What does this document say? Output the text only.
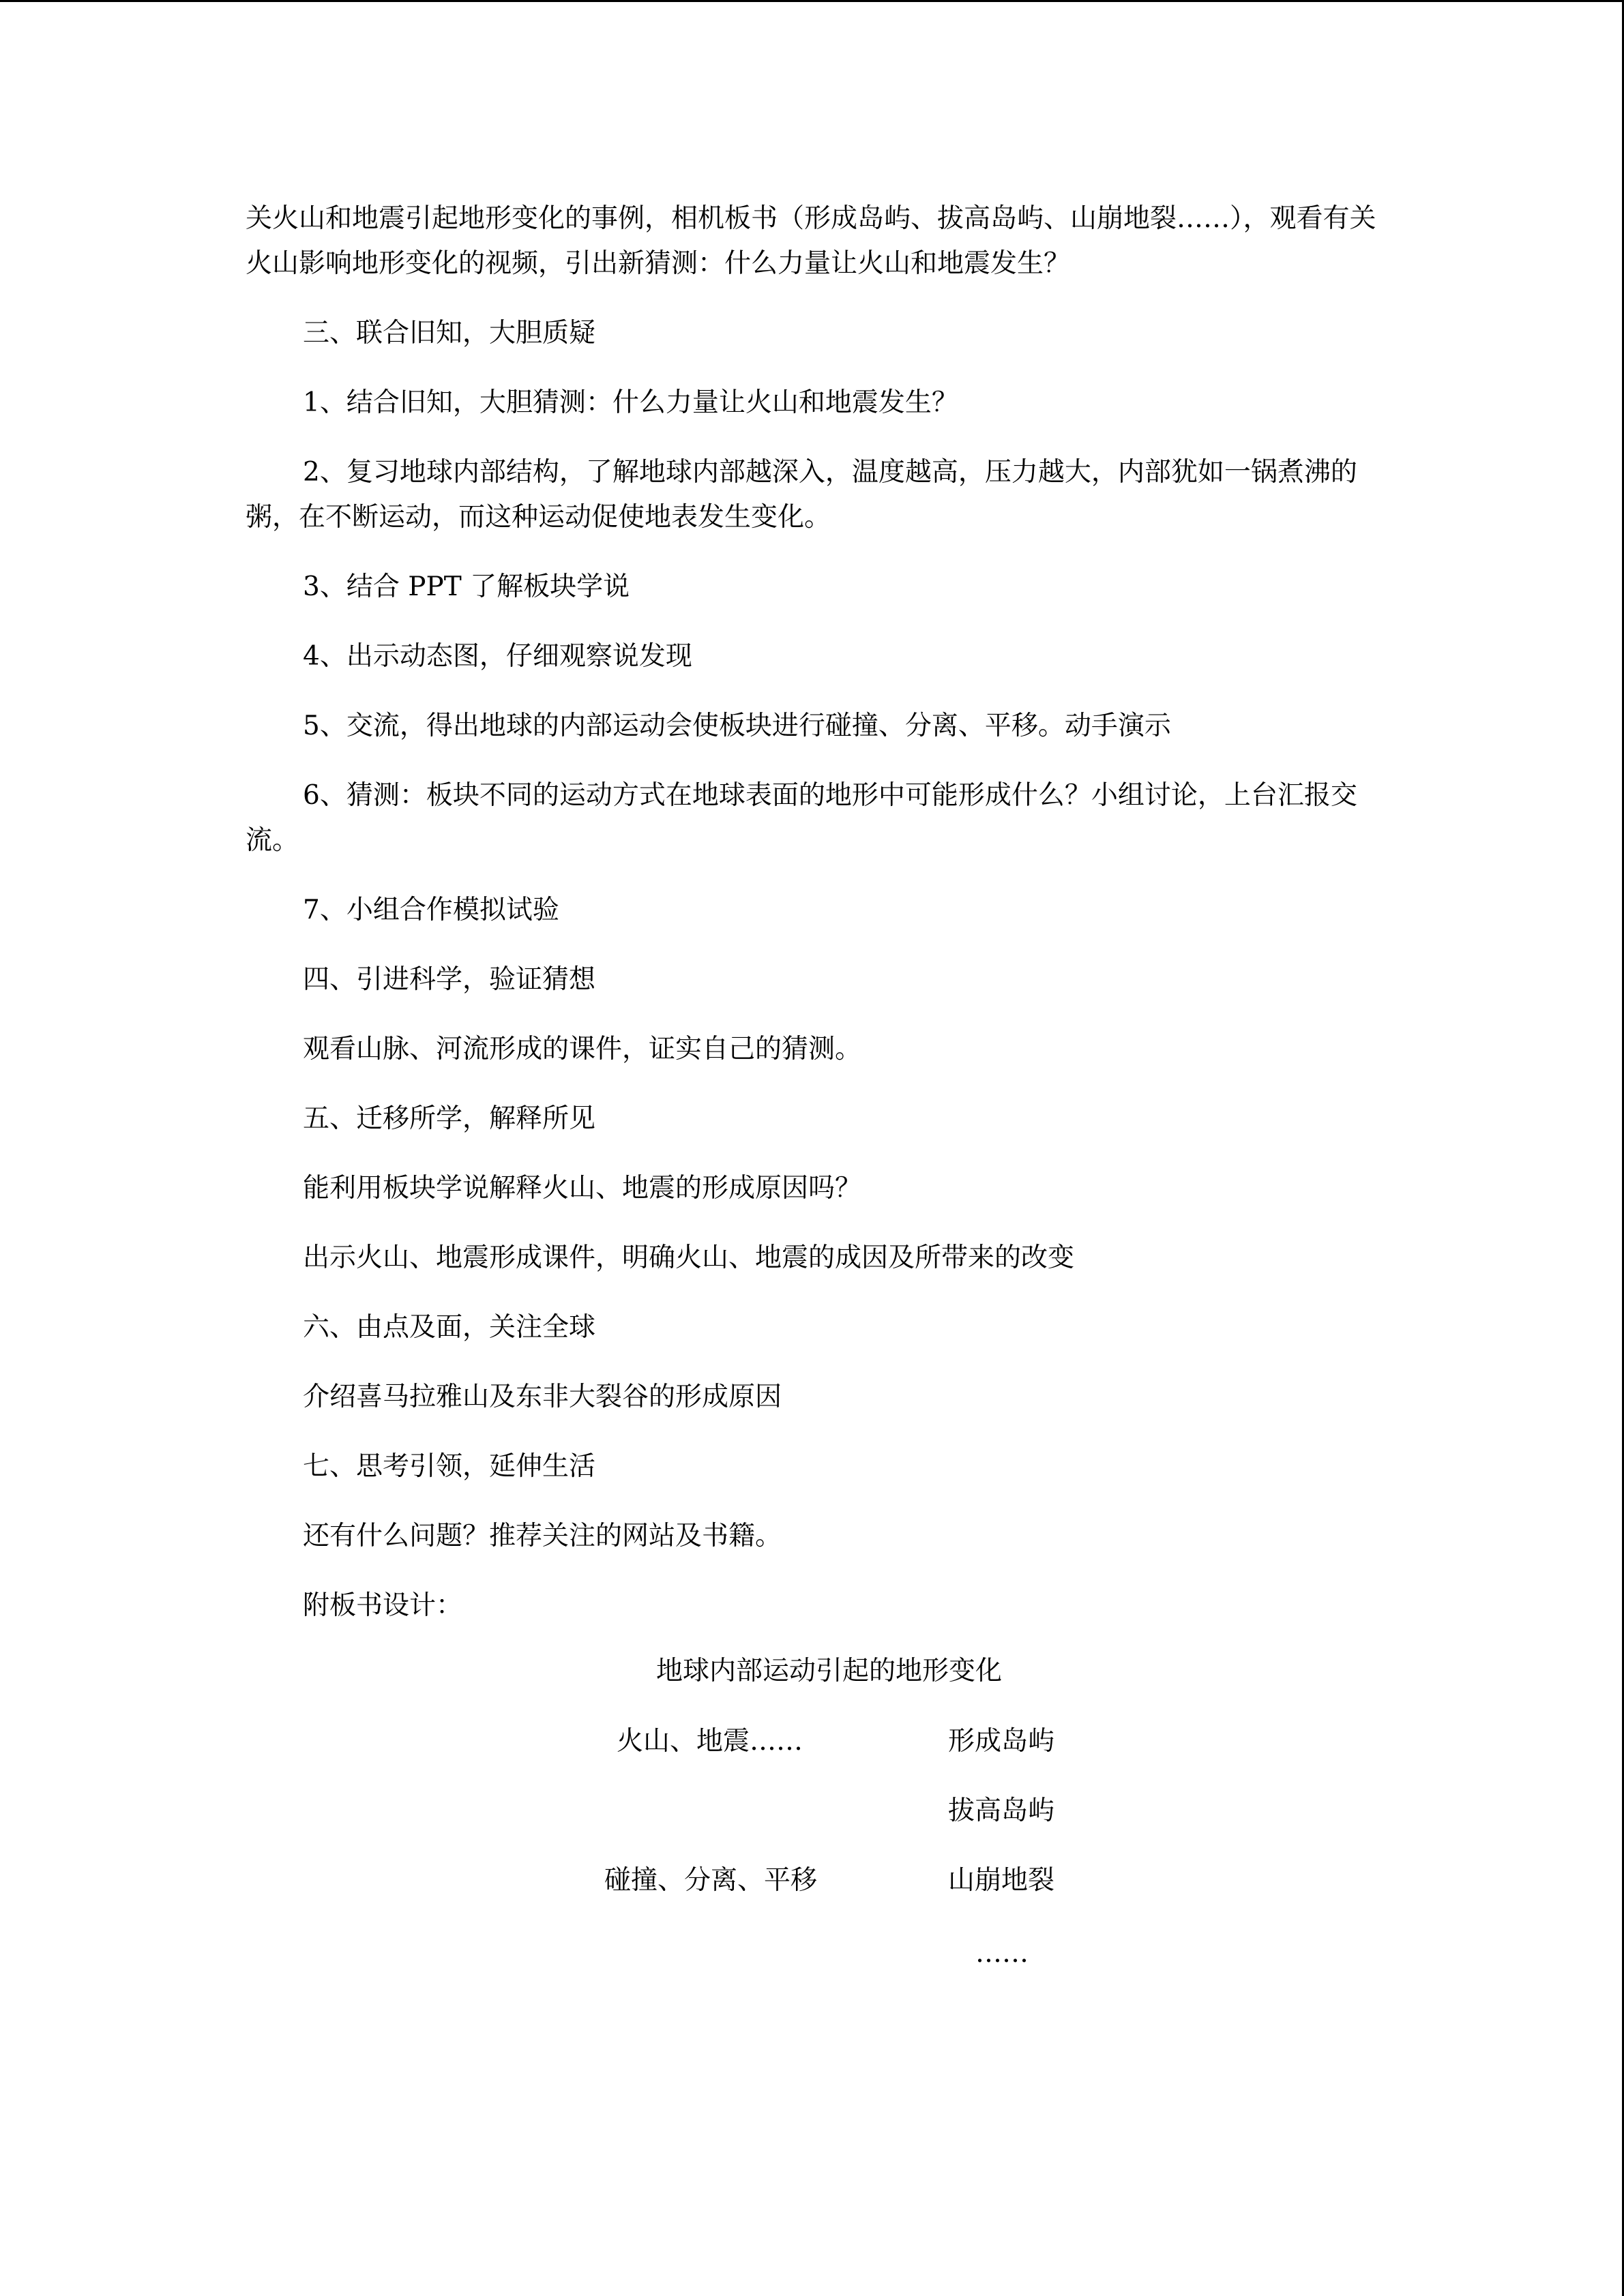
关火山和地震引起地形变化的事例，相机板书（形成岛屿、拔高岛屿、山崩地裂……），观看有关火山影响地形变化的视频，引出新猜测：什么力量让火山和地震发生？

三、联合旧知，大胆质疑

1、结合旧知，大胆猜测：什么力量让火山和地震发生？

2、复习地球内部结构，了解地球内部越深入，温度越高，压力越大，内部犹如一锅煮沸的粥，在不断运动，而这种运动促使地表发生变化。

3、结合 PPT 了解板块学说

4、出示动态图，仔细观察说发现

5、交流，得出地球的内部运动会使板块进行碰撞、分离、平移。动手演示

6、猜测：板块不同的运动方式在地球表面的地形中可能形成什么？小组讨论，上台汇报交流。

7、小组合作模拟试验

四、引进科学，验证猜想

观看山脉、河流形成的课件，证实自己的猜测。

五、迁移所学，解释所见

能利用板块学说解释火山、地震的形成原因吗？

出示火山、地震形成课件，明确火山、地震的成因及所带来的改变

六、由点及面，关注全球

介绍喜马拉雅山及东非大裂谷的形成原因

七、思考引领，延伸生活

还有什么问题？推荐关注的网站及书籍。

附板书设计：

地球内部运动引起的地形变化
火山、地震……
碰撞、分离、平移
形成岛屿
拔高岛屿
山崩地裂
……
